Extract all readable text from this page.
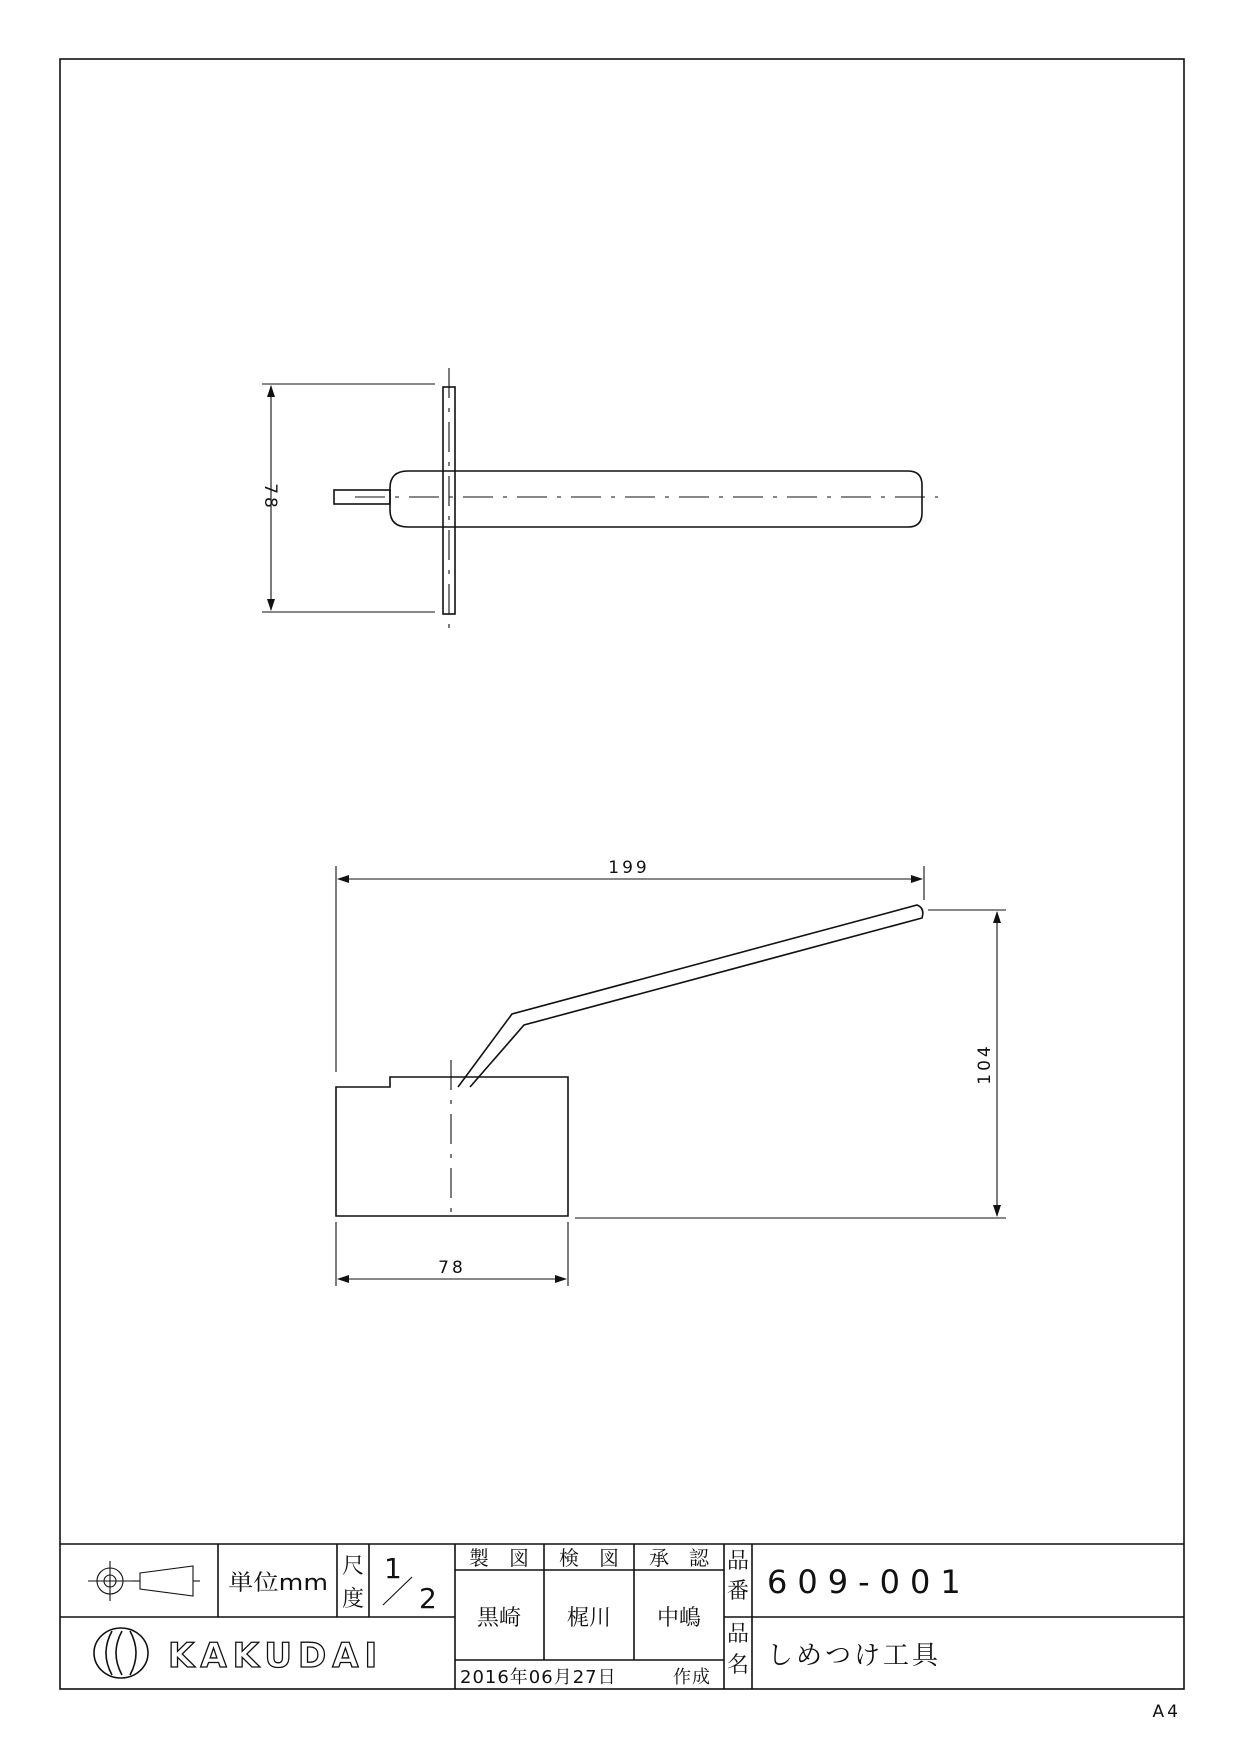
78
199
104
78
単位mm
尺
度
1
2
製　図 検　図 承　認
黒崎 梶川 中嶋
品
番 609-001
品
名 しめつけ工具
2016年06月27日	作成
KAKUDAI
A4
